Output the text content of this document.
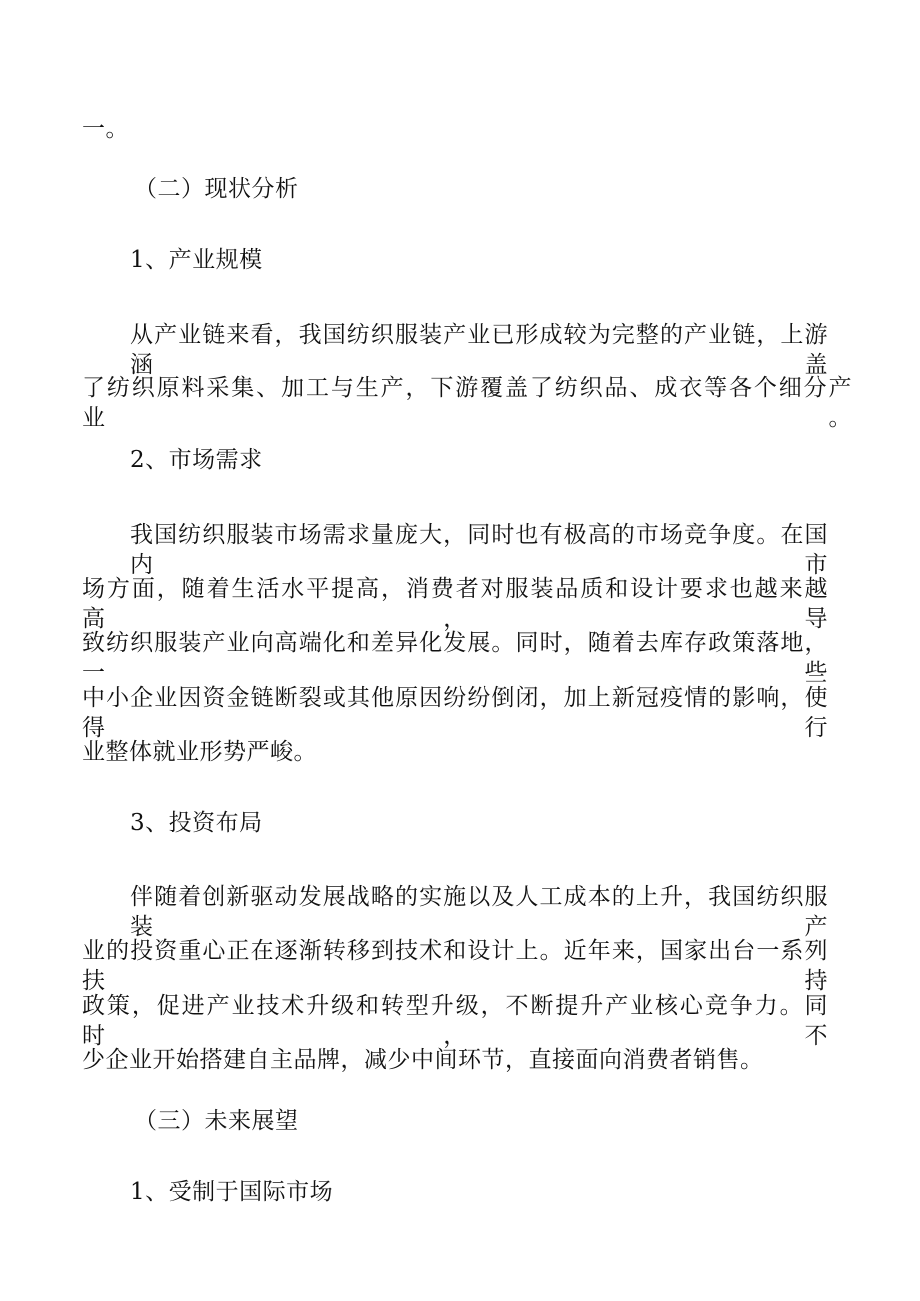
一。
（二）现状分析
1、产业规模
从产业链来看，我国纺织服装产业已形成较为完整的产业链，上游涵盖
了纺织原料采集、加工与生产，下游覆盖了纺织品、成衣等各个细分产业。
2、市场需求
我国纺织服装市场需求量庞大，同时也有极高的市场竞争度。在国内市
场方面，随着生活水平提高，消费者对服装品质和设计要求也越来越高，导
致纺织服装产业向高端化和差异化发展。同时，随着去库存政策落地，一些
中小企业因资金链断裂或其他原因纷纷倒闭，加上新冠疫情的影响，使得行
业整体就业形势严峻。
3、投资布局
伴随着创新驱动发展战略的实施以及人工成本的上升，我国纺织服装产
业的投资重心正在逐渐转移到技术和设计上。近年来，国家出台一系列扶持
政策，促进产业技术升级和转型升级，不断提升产业核心竞争力。同时，不
少企业开始搭建自主品牌，减少中间环节，直接面向消费者销售。
（三）未来展望
1、受制于国际市场
